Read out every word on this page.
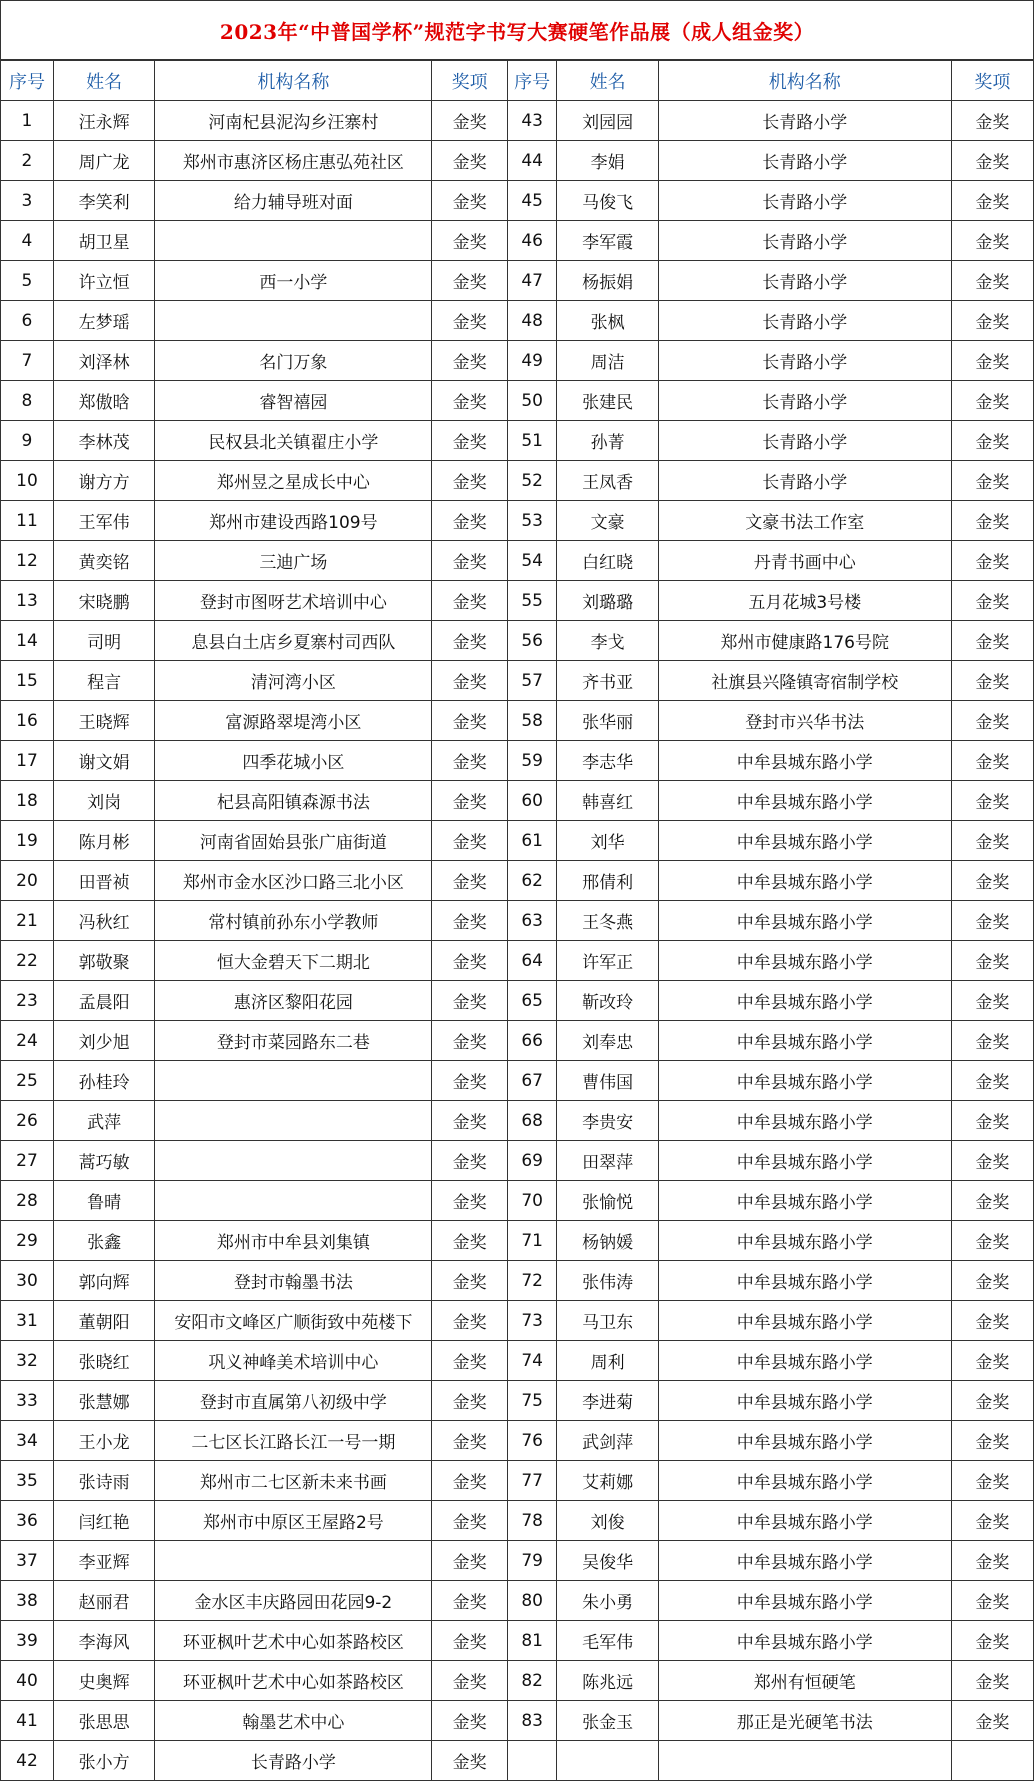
2023年“中普国学杯”规范字书写大赛硬笔作品展（成人组金奖）
序号	姓名	机构名称	奖项	序号	姓名	机构名称	奖项
1	汪永辉	河南杞县泥沟乡汪寨村	金奖	43	刘园园	长青路小学	金奖
2	周广龙	郑州市惠济区杨庄惠弘苑社区	金奖	44	李娟	长青路小学	金奖
3	李笑利	给力辅导班对面	金奖	45	马俊飞	长青路小学	金奖
4	胡卫星		金奖	46	李军霞	长青路小学	金奖
5	许立恒	西一小学	金奖	47	杨振娟	长青路小学	金奖
6	左梦瑶		金奖	48	张枫	长青路小学	金奖
7	刘泽林	名门万象	金奖	49	周洁	长青路小学	金奖
8	郑傲晗	睿智禧园	金奖	50	张建民	长青路小学	金奖
9	李林茂	民权县北关镇翟庄小学	金奖	51	孙菁	长青路小学	金奖
10	谢方方	郑州昱之星成长中心	金奖	52	王凤香	长青路小学	金奖
11	王军伟	郑州市建设西路109号	金奖	53	文豪	文豪书法工作室	金奖
12	黄奕铭	三迪广场	金奖	54	白红晓	丹青书画中心	金奖
13	宋晓鹏	登封市图呀艺术培训中心	金奖	55	刘璐璐	五月花城3号楼	金奖
14	司明	息县白土店乡夏寨村司西队	金奖	56	李戈	郑州市健康路176号院	金奖
15	程言	清河湾小区	金奖	57	齐书亚	社旗县兴隆镇寄宿制学校	金奖
16	王晓辉	富源路翠堤湾小区	金奖	58	张华丽	登封市兴华书法	金奖
17	谢文娟	四季花城小区	金奖	59	李志华	中牟县城东路小学	金奖
18	刘岗	杞县高阳镇森源书法	金奖	60	韩喜红	中牟县城东路小学	金奖
19	陈月彬	河南省固始县张广庙街道	金奖	61	刘华	中牟县城东路小学	金奖
20	田晋祯	郑州市金水区沙口路三北小区	金奖	62	邢倩利	中牟县城东路小学	金奖
21	冯秋红	常村镇前孙东小学教师	金奖	63	王冬燕	中牟县城东路小学	金奖
22	郭敬聚	恒大金碧天下二期北	金奖	64	许军正	中牟县城东路小学	金奖
23	孟晨阳	惠济区黎阳花园	金奖	65	靳改玲	中牟县城东路小学	金奖
24	刘少旭	登封市菜园路东二巷	金奖	66	刘奉忠	中牟县城东路小学	金奖
25	孙桂玲		金奖	67	曹伟国	中牟县城东路小学	金奖
26	武萍		金奖	68	李贵安	中牟县城东路小学	金奖
27	蒿巧敏		金奖	69	田翠萍	中牟县城东路小学	金奖
28	鲁晴		金奖	70	张愉悦	中牟县城东路小学	金奖
29	张鑫	郑州市中牟县刘集镇	金奖	71	杨钠媛	中牟县城东路小学	金奖
30	郭向辉	登封市翰墨书法	金奖	72	张伟涛	中牟县城东路小学	金奖
31	董朝阳	安阳市文峰区广顺街致中苑楼下	金奖	73	马卫东	中牟县城东路小学	金奖
32	张晓红	巩义神峰美术培训中心	金奖	74	周利	中牟县城东路小学	金奖
33	张慧娜	登封市直属第八初级中学	金奖	75	李进菊	中牟县城东路小学	金奖
34	王小龙	二七区长江路长江一号一期	金奖	76	武剑萍	中牟县城东路小学	金奖
35	张诗雨	郑州市二七区新未来书画	金奖	77	艾莉娜	中牟县城东路小学	金奖
36	闫红艳	郑州市中原区王屋路2号	金奖	78	刘俊	中牟县城东路小学	金奖
37	李亚辉		金奖	79	吴俊华	中牟县城东路小学	金奖
38	赵丽君	金水区丰庆路园田花园9-2	金奖	80	朱小勇	中牟县城东路小学	金奖
39	李海风	环亚枫叶艺术中心如茶路校区	金奖	81	毛军伟	中牟县城东路小学	金奖
40	史奥辉	环亚枫叶艺术中心如茶路校区	金奖	82	陈兆远	郑州有恒硬笔	金奖
41	张思思	翰墨艺术中心	金奖	83	张金玉	那正是光硬笔书法	金奖
42	张小方	长青路小学	金奖				
